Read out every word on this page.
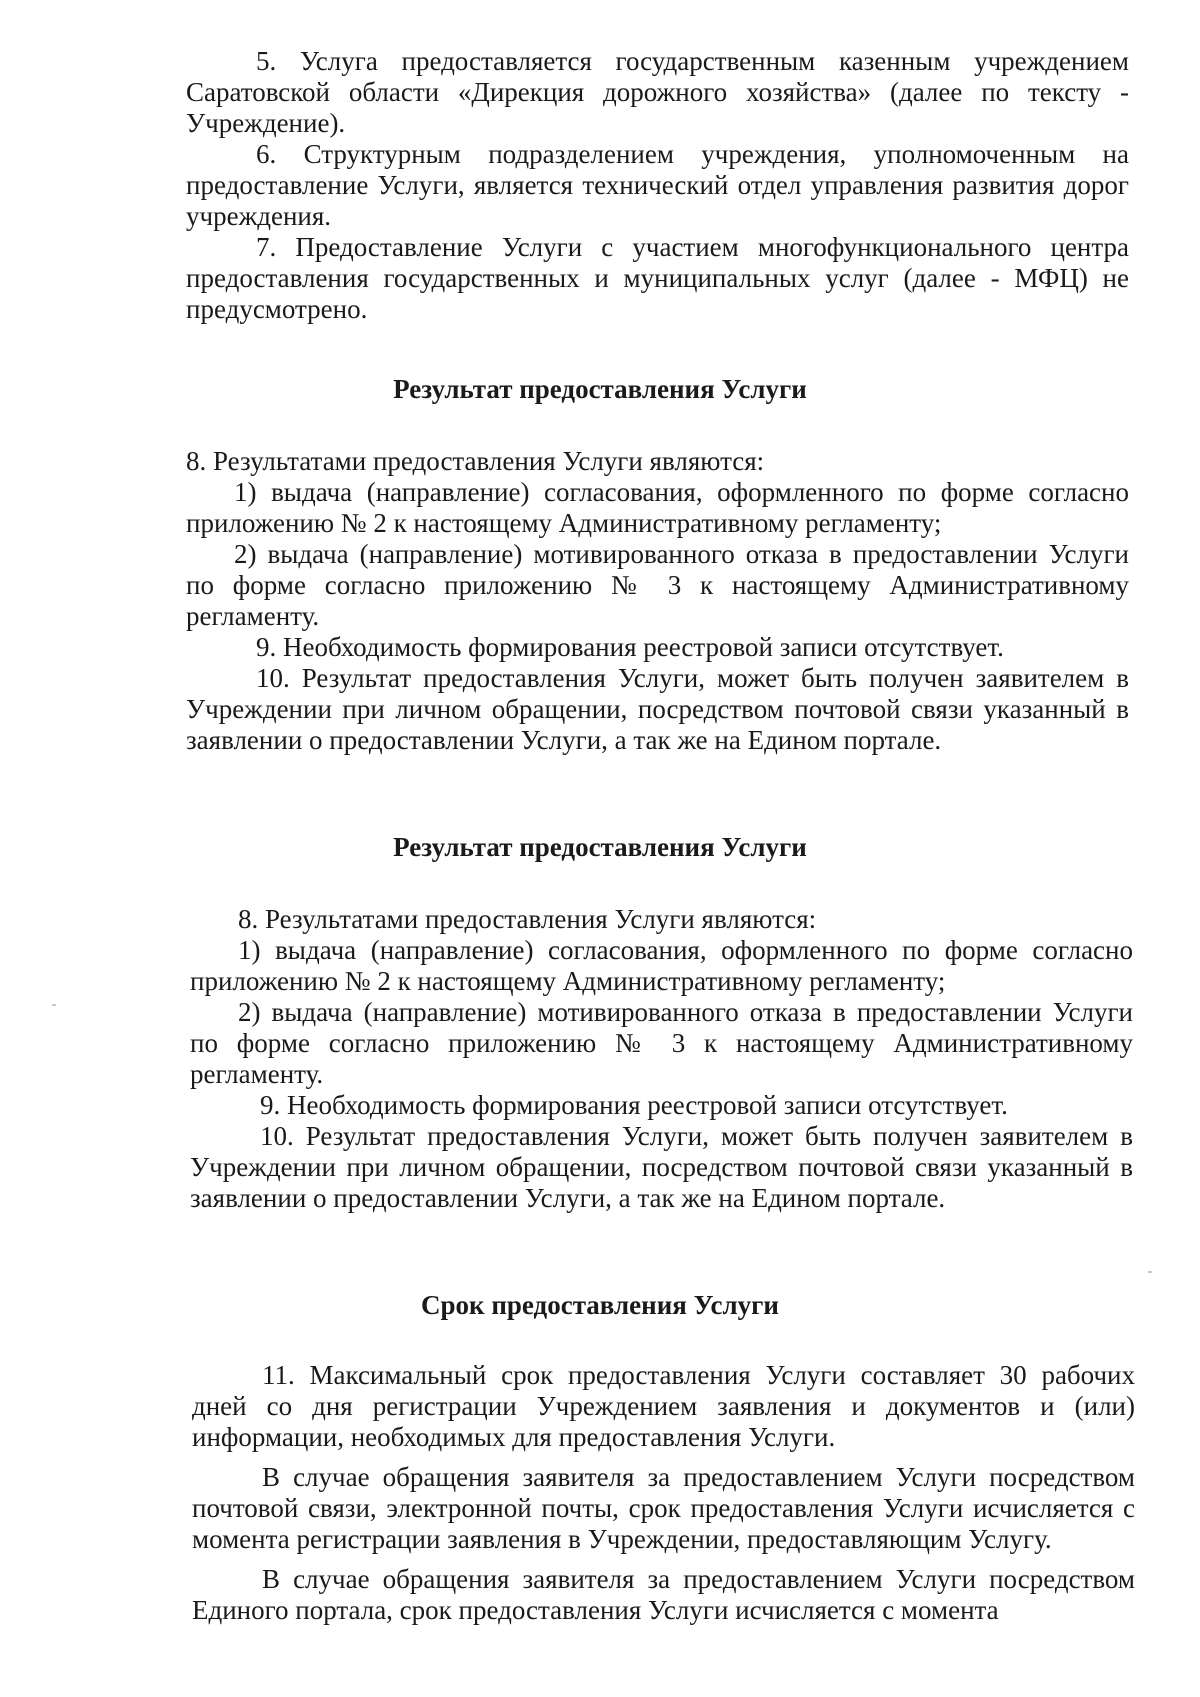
5. Услуга предоставляется государственным казенным учреждением Саратовской области «Дирекция дорожного хозяйства» (далее по тексту - Учреждение).

6. Структурным подразделением учреждения, уполномоченным на предоставление Услуги, является технический отдел управления развития дорог учреждения.

7. Предоставление Услуги с участием многофункционального центра предоставления государственных и муниципальных услуг (далее - МФЦ) не предусмотрено.

Результат предоставления Услуги

8. Результатами предоставления Услуги являются:

1) выдача (направление) согласования, оформленного по форме согласно приложению № 2 к настоящему Административному регламенту;

2) выдача (направление) мотивированного отказа в предоставлении Услуги по форме согласно приложению № 3 к настоящему Административному регламенту.

9. Необходимость формирования реестровой записи отсутствует.

10. Результат предоставления Услуги, может быть получен заявителем в Учреждении при личном обращении, посредством почтовой связи указанный в заявлении о предоставлении Услуги, а так же на Едином портале.

Результат предоставления Услуги

8. Результатами предоставления Услуги являются:

1) выдача (направление) согласования, оформленного по форме согласно приложению № 2 к настоящему Административному регламенту;

2) выдача (направление) мотивированного отказа в предоставлении Услуги по форме согласно приложению № 3 к настоящему Административному регламенту.

9. Необходимость формирования реестровой записи отсутствует.

10. Результат предоставления Услуги, может быть получен заявителем в Учреждении при личном обращении, посредством почтовой связи указанный в заявлении о предоставлении Услуги, а так же на Едином портале.

Срок предоставления Услуги

11. Максимальный срок предоставления Услуги составляет 30 рабочих дней со дня регистрации Учреждением заявления и документов и (или) информации, необходимых для предоставления Услуги.

В случае обращения заявителя за предоставлением Услуги посредством почтовой связи, электронной почты, срок предоставления Услуги исчисляется с момента регистрации заявления в Учреждении, предоставляющим Услугу.

В случае обращения заявителя за предоставлением Услуги посредством Единого портала, срок предоставления Услуги исчисляется с момента
